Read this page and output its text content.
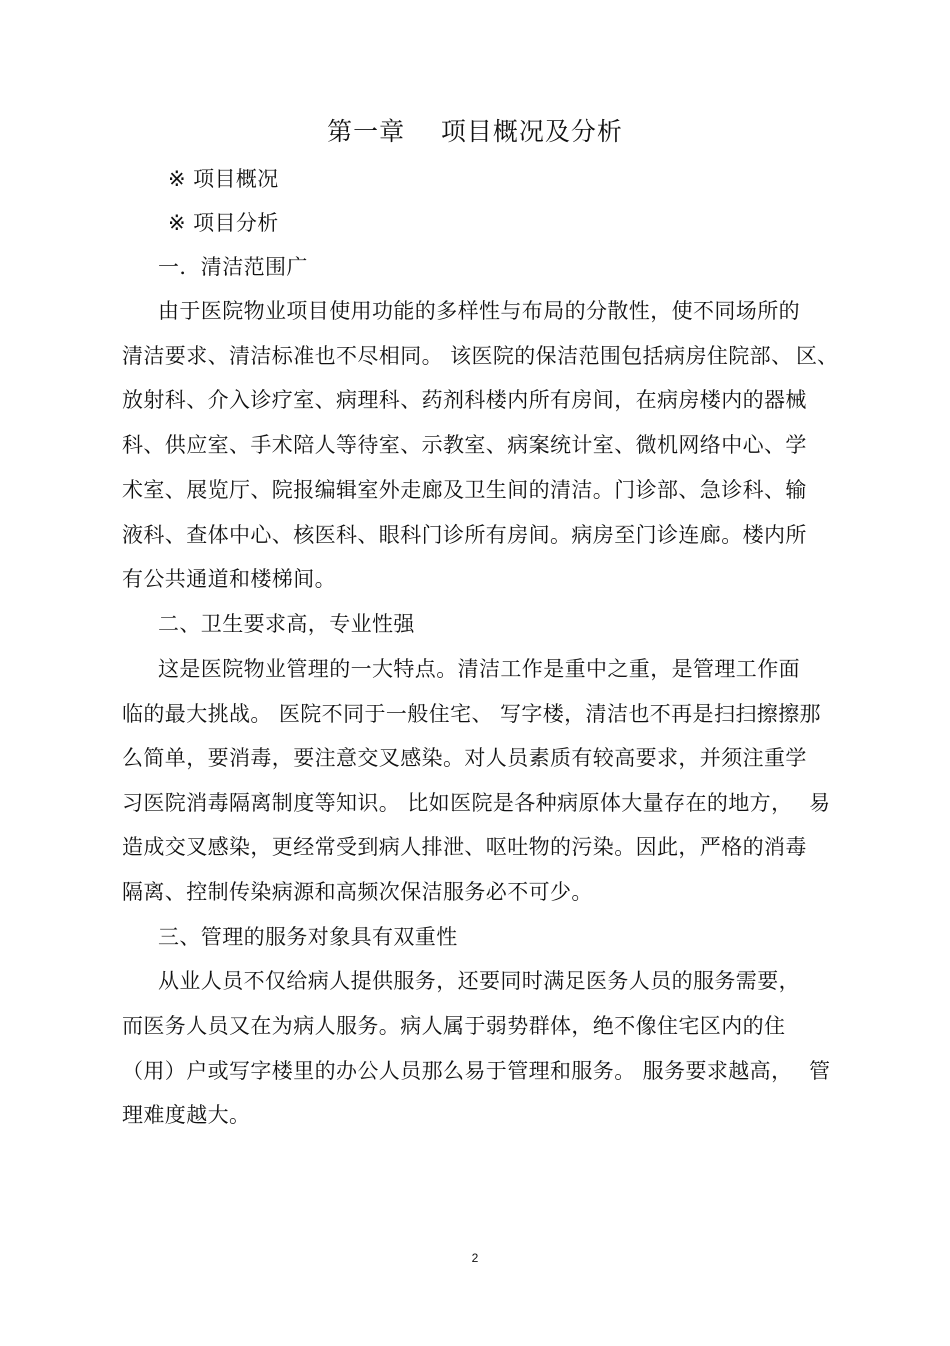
第一章    项目概况及分析
※ 项目概况
※ 项目分析
一．清洁范围广
由于医院物业项目使用功能的多样性与布局的分散性，使不同场所的
清洁要求、清洁标准也不尽相同。 该医院的保洁范围包括病房住院部、 区、
放射科、介入诊疗室、病理科、药剂科楼内所有房间，在病房楼内的器械
科、供应室、手术陪人等待室、示教室、病案统计室、微机网络中心、学
术室、展览厅、院报编辑室外走廊及卫生间的清洁。门诊部、急诊科、输
液科、查体中心、核医科、眼科门诊所有房间。病房至门诊连廊。楼内所
有公共通道和楼梯间。
二、卫生要求高，专业性强
这是医院物业管理的一大特点。清洁工作是重中之重，是管理工作面
临的最大挑战。 医院不同于一般住宅、 写字楼，清洁也不再是扫扫擦擦那
么简单，要消毒，要注意交叉感染。对人员素质有较高要求，并须注重学
习医院消毒隔离制度等知识。 比如医院是各种病原体大量存在的地方， 易
造成交叉感染，更经常受到病人排泄、呕吐物的污染。因此，严格的消毒
隔离、控制传染病源和高频次保洁服务必不可少。
三、管理的服务对象具有双重性
从业人员不仅给病人提供服务，还要同时满足医务人员的服务需要，
而医务人员又在为病人服务。病人属于弱势群体，绝不像住宅区内的住
（用）户或写字楼里的办公人员那么易于管理和服务。 服务要求越高， 管
理难度越大。
2
